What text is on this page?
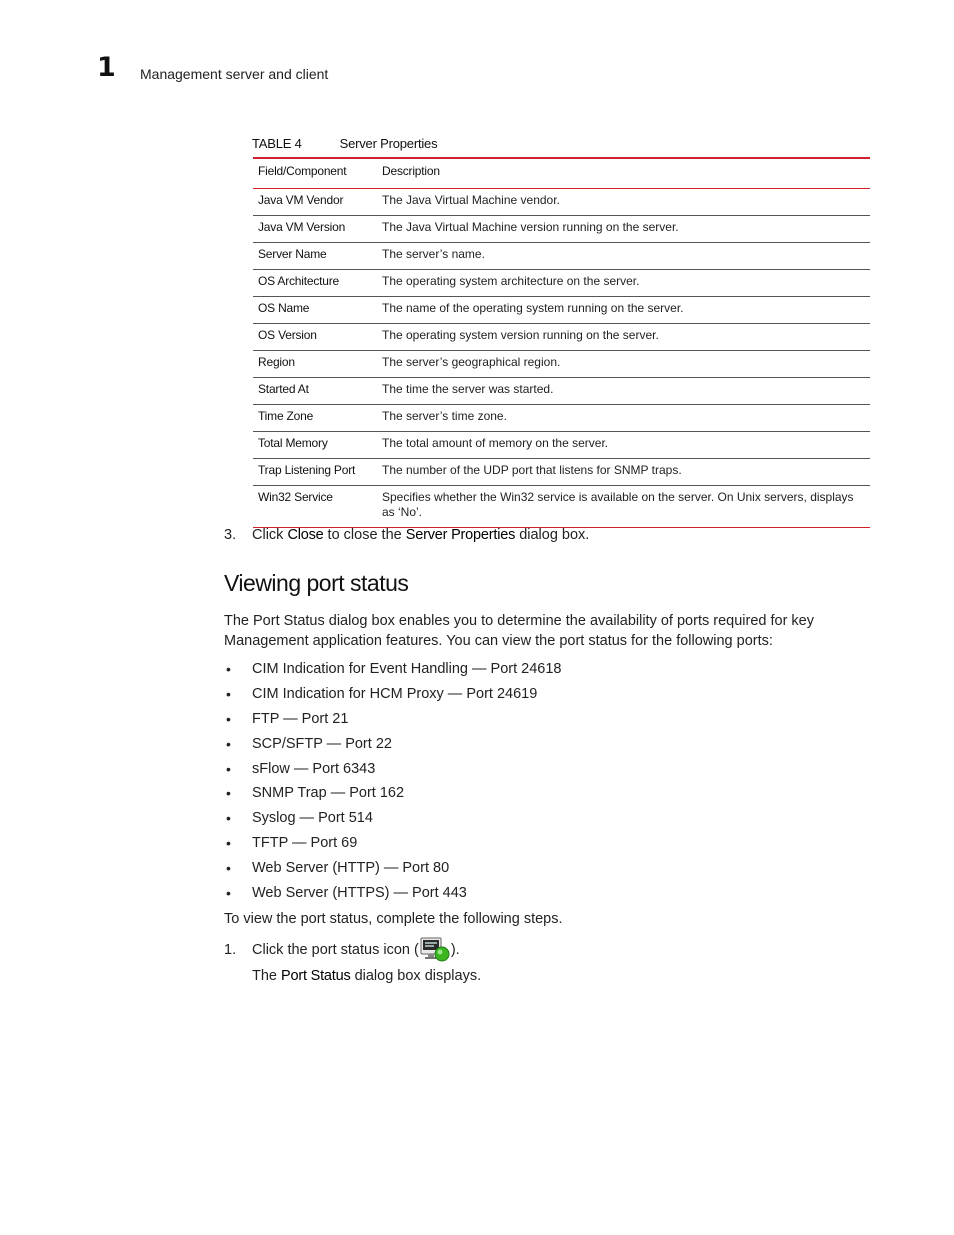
1 Management server and client
TABLE 4	Server Properties
Field/Component	Description
Java VM Vendor	The Java Virtual Machine vendor.
Java VM Version	The Java Virtual Machine version running on the server.
Server Name	The server’s name.
OS Architecture	The operating system architecture on the server.
OS Name	The name of the operating system running on the server.
OS Version	The operating system version running on the server.
Region	The server’s geographical region.
Started At	The time the server was started.
Time Zone	The server’s time zone.
Total Memory	The total amount of memory on the server.
Trap Listening Port	The number of the UDP port that listens for SNMP traps.
Win32 Service	Specifies whether the Win32 service is available on the server. On Unix servers, displays as ‘No’.
3. Click Close to close the Server Properties dialog box.
Viewing port status
The Port Status dialog box enables you to determine the availability of ports required for key Management application features. You can view the port status for the following ports:
• CIM Indication for Event Handling — Port 24618
• CIM Indication for HCM Proxy — Port 24619
• FTP — Port 21
• SCP/SFTP — Port 22
• sFlow — Port 6343
• SNMP Trap — Port 162
• Syslog — Port 514
• TFTP — Port 69
• Web Server (HTTP) — Port 80
• Web Server (HTTPS) — Port 443
To view the port status, complete the following steps.
1.	Click the port status icon ( ).
The Port Status dialog box displays.
